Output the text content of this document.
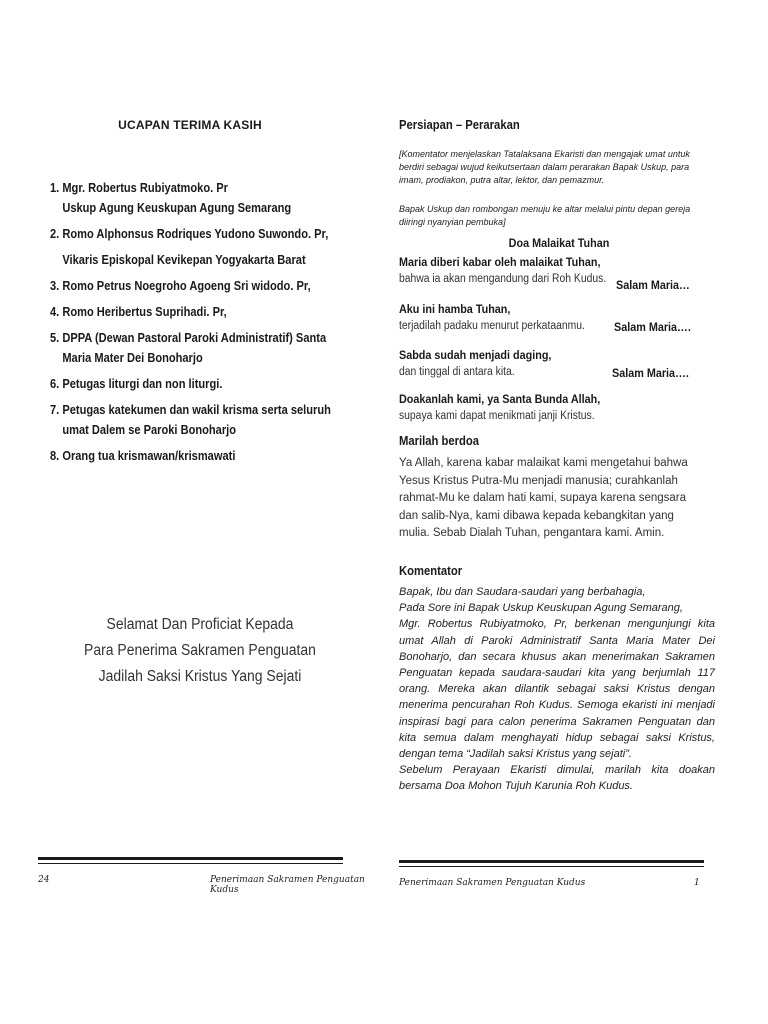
UCAPAN TERIMA KASIH
1. Mgr. Robertus Rubiyatmoko. Pr
Uskup Agung Keuskupan Agung Semarang
2. Romo Alphonsus Rodriques Yudono Suwondo. Pr,
Vikaris Episkopal Kevikepan Yogyakarta Barat
3. Romo Petrus Noegroho Agoeng Sri widodo. Pr,
4. Romo Heribertus Suprihadi. Pr,
5. DPPA (Dewan Pastoral Paroki Administratif) Santa
Maria Mater Dei Bonoharjo
6. Petugas liturgi dan non liturgi.
7. Petugas katekumen dan wakil krisma serta seluruh
umat Dalem se Paroki Bonoharjo
8. Orang tua krismawan/krismawati
Selamat Dan Proficiat Kepada
Para Penerima Sakramen Penguatan
Jadilah Saksi Kristus Yang Sejati
24	Penerimaan Sakramen Penguatan Kudus
Persiapan – Perarakan
[Komentator menjelaskan Tatalaksana Ekaristi dan mengajak umat untuk berdiri sebagai wujud keikutsertaan dalam perarakan Bapak Uskup, para imam, prodiakon, putra altar, lektor, dan pemazmur.
Bapak Uskup dan rombongan menuju ke altar melalui pintu depan gereja diiringi nyanyian pembuka]
Doa Malaikat Tuhan
Maria diberi kabar oleh malaikat Tuhan,
bahwa ia akan mengandung dari Roh Kudus. Salam Maria…
Aku ini hamba Tuhan,
terjadilah padaku menurut perkataanmu.	Salam Maria….
Sabda sudah menjadi daging,
dan tinggal di antara kita.	Salam Maria….
Doakanlah kami, ya Santa Bunda Allah,
supaya kami dapat menikmati janji Kristus.
Marilah berdoa
Ya Allah, karena kabar malaikat kami mengetahui bahwa Yesus Kristus Putra-Mu menjadi manusia; curahkanlah rahmat-Mu ke dalam hati kami, supaya karena sengsara dan salib-Nya, kami dibawa kepada kebangkitan yang mulia. Sebab Dialah Tuhan, pengantara kami. Amin.
Komentator

Bapak, Ibu dan Saudara-saudari yang berbahagia,

Pada Sore ini Bapak Uskup Keuskupan Agung Semarang,

Mgr. Robertus Rubiyatmoko, Pr, berkenan mengunjungi kita umat Allah di Paroki Administratif Santa Maria Mater Dei Bonoharjo, dan secara khusus akan menerimakan Sakramen Penguatan kepada saudara-saudari kita yang berjumlah 117 orang. Mereka akan dilantik sebagai saksi Kristus dengan menerima pencurahan Roh Kudus. Semoga ekaristi ini menjadi inspirasi bagi para calon penerima Sakramen Penguatan dan kita semua dalam menghayati hidup sebagai saksi Kristus, dengan tema “Jadilah saksi Kristus yang sejati”.

Sebelum Perayaan Ekaristi dimulai, marilah kita doakan bersama Doa Mohon Tujuh Karunia Roh Kudus.

Penerimaan Sakramen Penguatan Kudus	1
